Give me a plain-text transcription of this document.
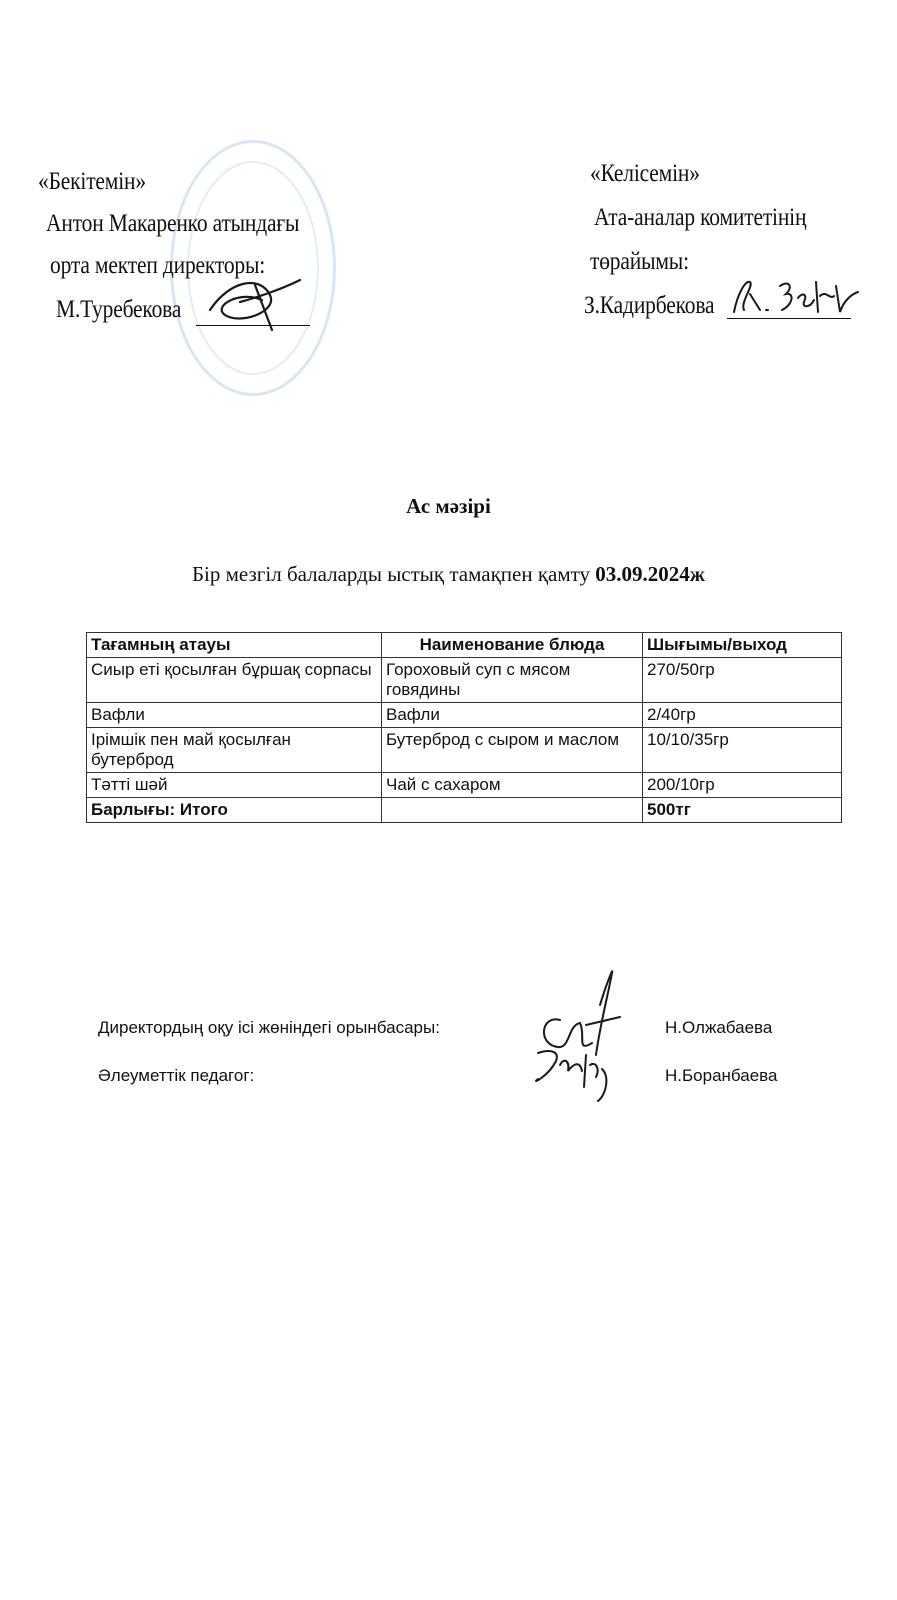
«Бекітемін»
Антон Макаренко атындағы
орта мектеп директоры:
М.Туребекова
«Келісемін»
Ата-аналар комитетінің
төрайымы:
З.Кадирбекова
Ас мәзірі
Бір мезгіл балаларды ыстық тамақпен қамту 03.09.2024ж
Тағамның атауы	Наименование блюда	Шығымы/выход
Сиыр еті қосылған бұршақ сорпасы	Гороховый суп с мясом говядины	270/50гр
Вафли	Вафли	2/40гр
Ірімшік пен май қосылған бутерброд	Бутерброд с сыром и маслом	10/10/35гр
Тәтті шәй	Чай с сахаром	200/10гр
Барлығы: Итого		500тг
Директордың оқу ісі жөніндегі орынбасары:	Н.Олжабаева
Әлеуметтік педагог:	Н.Боранбаева
